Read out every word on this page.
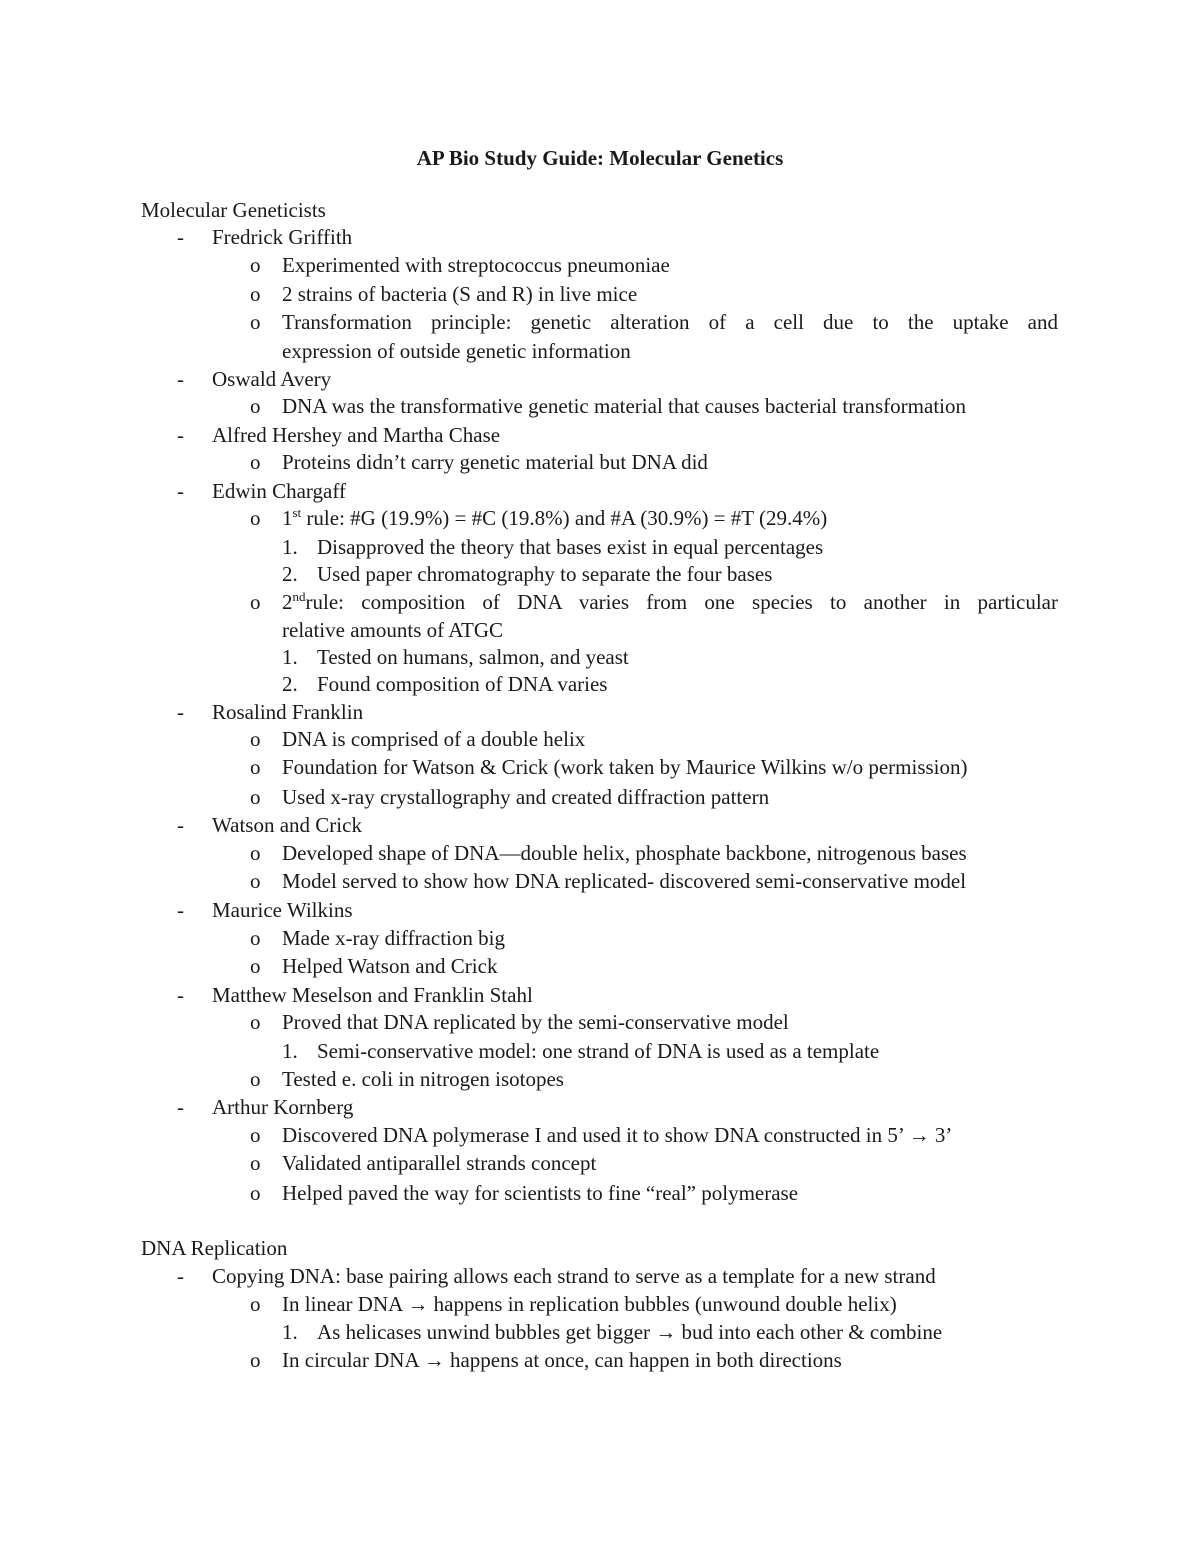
AP Bio Study Guide: Molecular Genetics
Molecular Geneticists
- Fredrick Griffith
o Experimented with streptococcus pneumoniae
o 2 strains of bacteria (S and R) in live mice
o Transformation principle: genetic alteration of a cell due to the uptake and
expression of outside genetic information
- Oswald Avery
o DNA was the transformative genetic material that causes bacterial transformation
- Alfred Hershey and Martha Chase
o Proteins didn’t carry genetic material but DNA did
- Edwin Chargaff
o 1st rule: #G (19.9%) = #C (19.8%) and #A (30.9%) = #T (29.4%)
1. Disapproved the theory that bases exist in equal percentages
2. Used paper chromatography to separate the four bases
o 2nd rule: composition of DNA varies from one species to another in particular
relative amounts of ATGC
1. Tested on humans, salmon, and yeast
2. Found composition of DNA varies
- Rosalind Franklin
o DNA is comprised of a double helix
o Foundation for Watson & Crick (work taken by Maurice Wilkins w/o permission)
o Used x-ray crystallography and created diffraction pattern
- Watson and Crick
o Developed shape of DNA—double helix, phosphate backbone, nitrogenous bases
o Model served to show how DNA replicated- discovered semi-conservative model
- Maurice Wilkins
o Made x-ray diffraction big
o Helped Watson and Crick
- Matthew Meselson and Franklin Stahl
o Proved that DNA replicated by the semi-conservative model
1. Semi-conservative model: one strand of DNA is used as a template
o Tested e. coli in nitrogen isotopes
- Arthur Kornberg
o Discovered DNA polymerase I and used it to show DNA constructed in 5’ → 3’
o Validated antiparallel strands concept
o Helped paved the way for scientists to fine “real” polymerase
DNA Replication
- Copying DNA: base pairing allows each strand to serve as a template for a new strand
o In linear DNA → happens in replication bubbles (unwound double helix)
1. As helicases unwind bubbles get bigger → bud into each other & combine
o In circular DNA → happens at once, can happen in both directions
